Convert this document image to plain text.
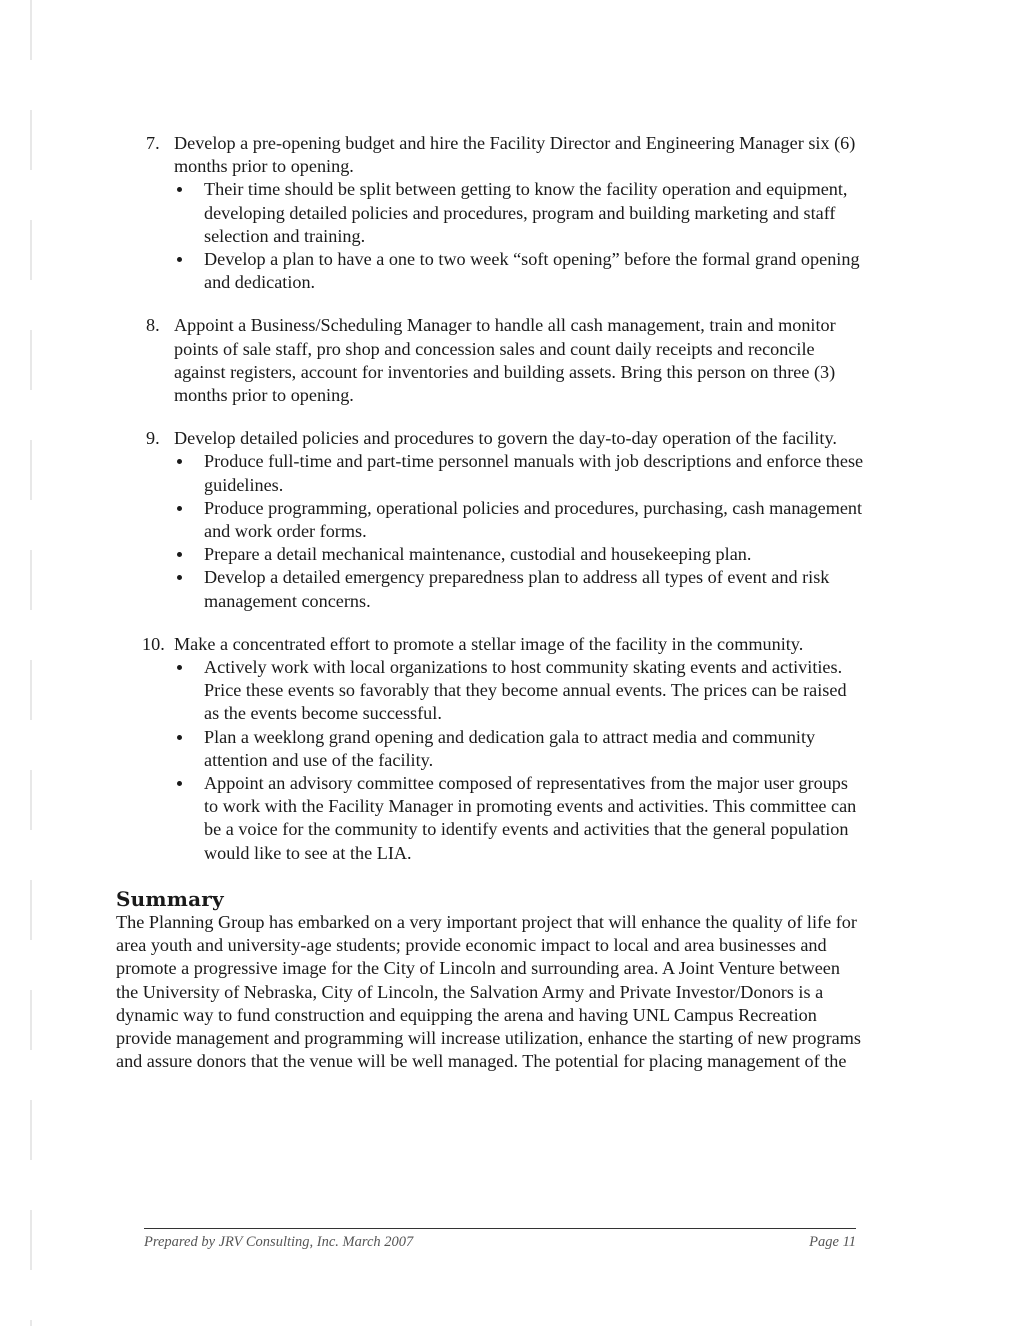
7. Develop a pre-opening budget and hire the Facility Director and Engineering Manager six (6) months prior to opening.

Their time should be split between getting to know the facility operation and equipment, developing detailed policies and procedures, program and building marketing and staff selection and training.
Develop a plan to have a one to two week “soft opening” before the formal grand opening and dedication.
8. Appoint a Business/Scheduling Manager to handle all cash management, train and monitor points of sale staff, pro shop and concession sales and count daily receipts and reconcile against registers, account for inventories and building assets. Bring this person on three (3) months prior to opening.

9. Develop detailed policies and procedures to govern the day-to-day operation of the facility.

Produce full-time and part-time personnel manuals with job descriptions and enforce these guidelines.
Produce programming, operational policies and procedures, purchasing, cash management and work order forms.
Prepare a detail mechanical maintenance, custodial and housekeeping plan.
Develop a detailed emergency preparedness plan to address all types of event and risk management concerns.
10. Make a concentrated effort to promote a stellar image of the facility in the community.

Actively work with local organizations to host community skating events and activities. Price these events so favorably that they become annual events. The prices can be raised as the events become successful.
Plan a weeklong grand opening and dedication gala to attract media and community attention and use of the facility.
Appoint an advisory committee composed of representatives from the major user groups to work with the Facility Manager in promoting events and activities. This committee can be a voice for the community to identify events and activities that the general population would like to see at the LIA.
Summary

The Planning Group has embarked on a very important project that will enhance the quality of life for area youth and university-age students; provide economic impact to local and area businesses and promote a progressive image for the City of Lincoln and surrounding area. A Joint Venture between the University of Nebraska, City of Lincoln, the Salvation Army and Private Investor/Donors is a dynamic way to fund construction and equipping the arena and having UNL Campus Recreation provide management and programming will increase utilization, enhance the starting of new programs and assure donors that the venue will be well managed. The potential for placing management of the

Prepared by JRV Consulting, Inc. March 2007	Page 11
